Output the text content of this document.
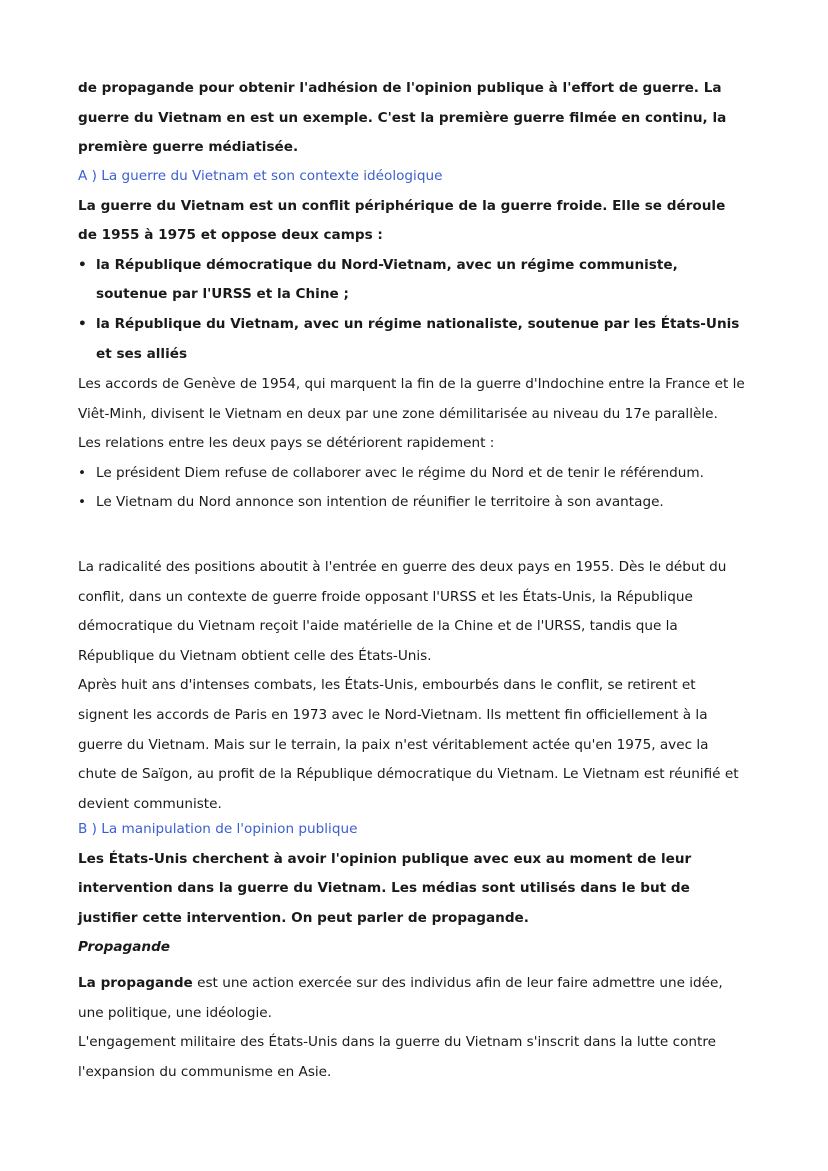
de propagande pour obtenir l'adhésion de l'opinion publique à l'effort de guerre. La guerre du Vietnam en est un exemple. C'est la première guerre filmée en continu, la première guerre médiatisée.

A ) La guerre du Vietnam et son contexte idéologique

La guerre du Vietnam est un conflit périphérique de la guerre froide. Elle se déroule de 1955 à 1975 et oppose deux camps :

• la République démocratique du Nord-Vietnam, avec un régime communiste, soutenue par l'URSS et la Chine ;
• la République du Vietnam, avec un régime nationaliste, soutenue par les États-Unis et ses alliés

Les accords de Genève de 1954, qui marquent la fin de la guerre d'Indochine entre la France et le Viêt-Minh, divisent le Vietnam en deux par une zone démilitarisée au niveau du 17e parallèle.

Les relations entre les deux pays se détériorent rapidement :

• Le président Diem refuse de collaborer avec le régime du Nord et de tenir le référendum.
• Le Vietnam du Nord annonce son intention de réunifier le territoire à son avantage.

La radicalité des positions aboutit à l'entrée en guerre des deux pays en 1955. Dès le début du conflit, dans un contexte de guerre froide opposant l'URSS et les États-Unis, la République démocratique du Vietnam reçoit l'aide matérielle de la Chine et de l'URSS, tandis que la République du Vietnam obtient celle des États-Unis.

Après huit ans d'intenses combats, les États-Unis, embourbés dans le conflit, se retirent et signent les accords de Paris en 1973 avec le Nord-Vietnam. Ils mettent fin officiellement à la guerre du Vietnam. Mais sur le terrain, la paix n'est véritablement actée qu'en 1975, avec la chute de Saïgon, au profit de la République démocratique du Vietnam. Le Vietnam est réunifié et devient communiste.

B ) La manipulation de l'opinion publique

Les États-Unis cherchent à avoir l'opinion publique avec eux au moment de leur intervention dans la guerre du Vietnam. Les médias sont utilisés dans le but de justifier cette intervention. On peut parler de propagande.

Propagande

La propagande est une action exercée sur des individus afin de leur faire admettre une idée, une politique, une idéologie.

L'engagement militaire des États-Unis dans la guerre du Vietnam s'inscrit dans la lutte contre l'expansion du communisme en Asie.
